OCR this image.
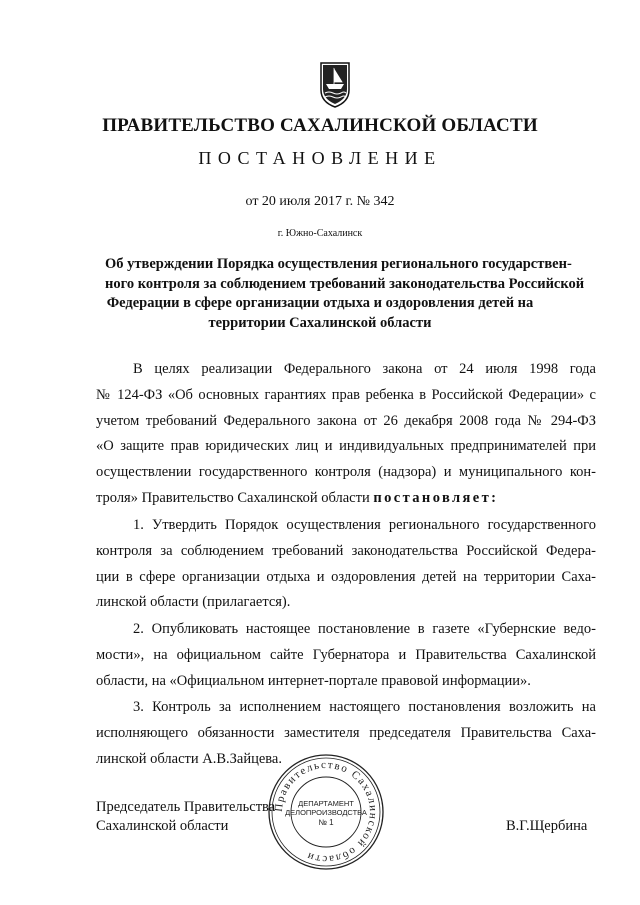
ПРАВИТЕЛЬСТВО САХАЛИНСКОЙ ОБЛАСТИ
ПОСТАНОВЛЕНИЕ
от 20 июля 2017 г. № 342
г. Южно-Сахалинск
Об утверждении Порядка осуществления регионального государствен-
ного контроля за соблюдением требований законодательства Российской
Федерации в сфере организации отдыха и оздоровления детей на
территории Сахалинской области
В целях реализации Федерального закона от 24 июля 1998 года
№ 124-ФЗ «Об основных гарантиях прав ребенка в Российской Федерации» с
учетом требований Федерального закона от 26 декабря 2008 года № 294-ФЗ
«О защите прав юридических лиц и индивидуальных предпринимателей при
осуществлении государственного контроля (надзора) и муниципального кон-
троля» Правительство Сахалинской области постановляет:
1. Утвердить Порядок осуществления регионального государственного
контроля за соблюдением требований законодательства Российской Федера-
ции в сфере организации отдыха и оздоровления детей на территории Саха-
линской области (прилагается).
2. Опубликовать настоящее постановление в газете «Губернские ведо-
мости», на официальном сайте Губернатора и Правительства Сахалинской
области, на «Официальном интернет-портале правовой информации».
3. Контроль за исполнением настоящего постановления возложить на
исполняющего обязанности заместителя председателя Правительства Саха-
линской области А.В.Зайцева.
Председатель Правительства
Сахалинской области	В.Г.Щербина
Правительство Сахалинской области
ДЕПАРТАМЕНТ
ДЕЛОПРОИЗВОДСТВА
№ 1
